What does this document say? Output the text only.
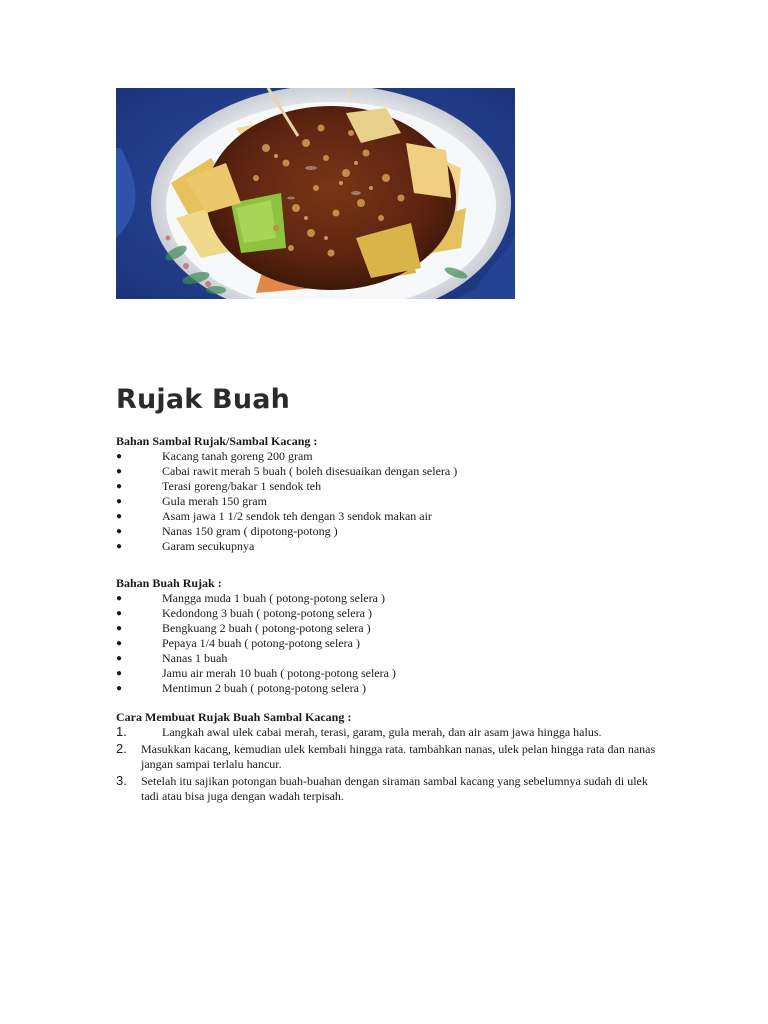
Rujak Buah

Bahan Sambal Rujak/Sambal Kacang :

●	Kacang tanah goreng 200 gram
●	Cabai rawit merah 5 buah ( boleh disesuaikan dengan selera )
●	Terasi goreng/bakar 1 sendok teh
●	Gula merah 150 gram
●	Asam jawa 1 1/2 sendok teh dengan 3 sendok makan air
●	Nanas 150 gram ( dipotong-potong )
●	Garam secukupnya

Bahan Buah Rujak :

●	Mangga muda 1 buah ( potong-potong selera )
●	Kedondong 3 buah ( potong-potong selera )
●	Bengkuang 2 buah ( potong-potong selera )
●	Pepaya 1/4 buah ( potong-potong selera )
●	Nanas 1 buah
●	Jamu air merah 10 buah ( potong-potong selera )
●	Mentimun 2 buah ( potong-potong selera )

Cara Membuat Rujak Buah Sambal Kacang :

1.	Langkah awal ulek cabai merah, terasi, garam, gula merah, dan air asam jawa hingga halus.
2. Masukkan kacang, kemudian ulek kembali hingga rata. tambahkan nanas, ulek pelan hingga rata dan nanas jangan sampai terlalu hancur.
3. Setelah itu sajikan potongan buah-buahan dengan siraman sambal kacang yang sebelumnya sudah di ulek tadi atau bisa juga dengan wadah terpisah.
